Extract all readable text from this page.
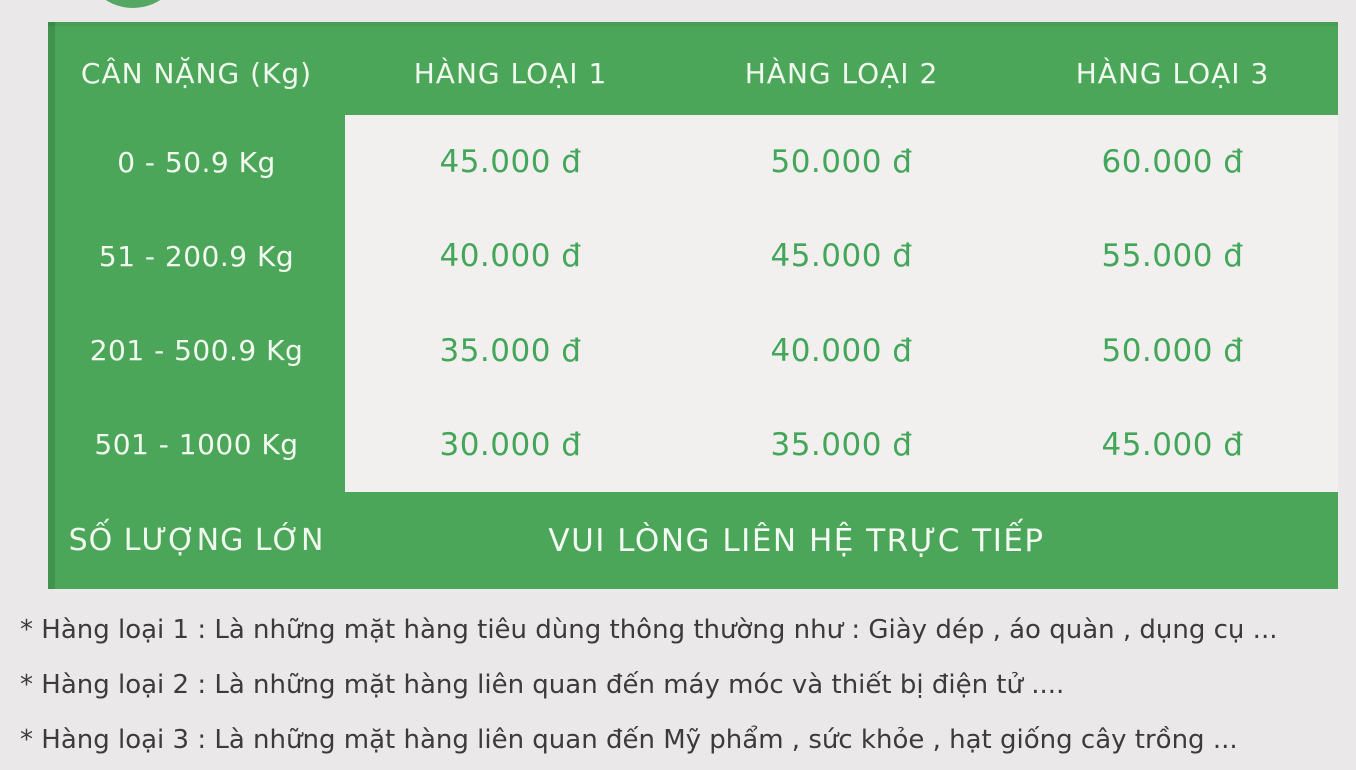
CÂN NẶNG (Kg)	HÀNG LOẠI 1	HÀNG LOẠI 2	HÀNG LOẠI 3
0 - 50.9 Kg	45.000 đ	50.000 đ	60.000 đ
51 - 200.9 Kg	40.000 đ	45.000 đ	55.000 đ
201 - 500.9 Kg	35.000 đ	40.000 đ	50.000 đ
501 - 1000 Kg	30.000 đ	35.000 đ	45.000 đ
SỐ LƯỢNG LỚN	VUI LÒNG LIÊN HỆ TRỰC TIẾP
* Hàng loại 1 : Là những mặt hàng tiêu dùng thông thường như : Giày dép , áo quàn , dụng cụ ...
* Hàng loại 2 : Là những mặt hàng liên quan đến máy móc và thiết bị điện tử ....
* Hàng loại 3 : Là những mặt hàng liên quan đến Mỹ phẩm , sức khỏe , hạt giống cây trồng ...
